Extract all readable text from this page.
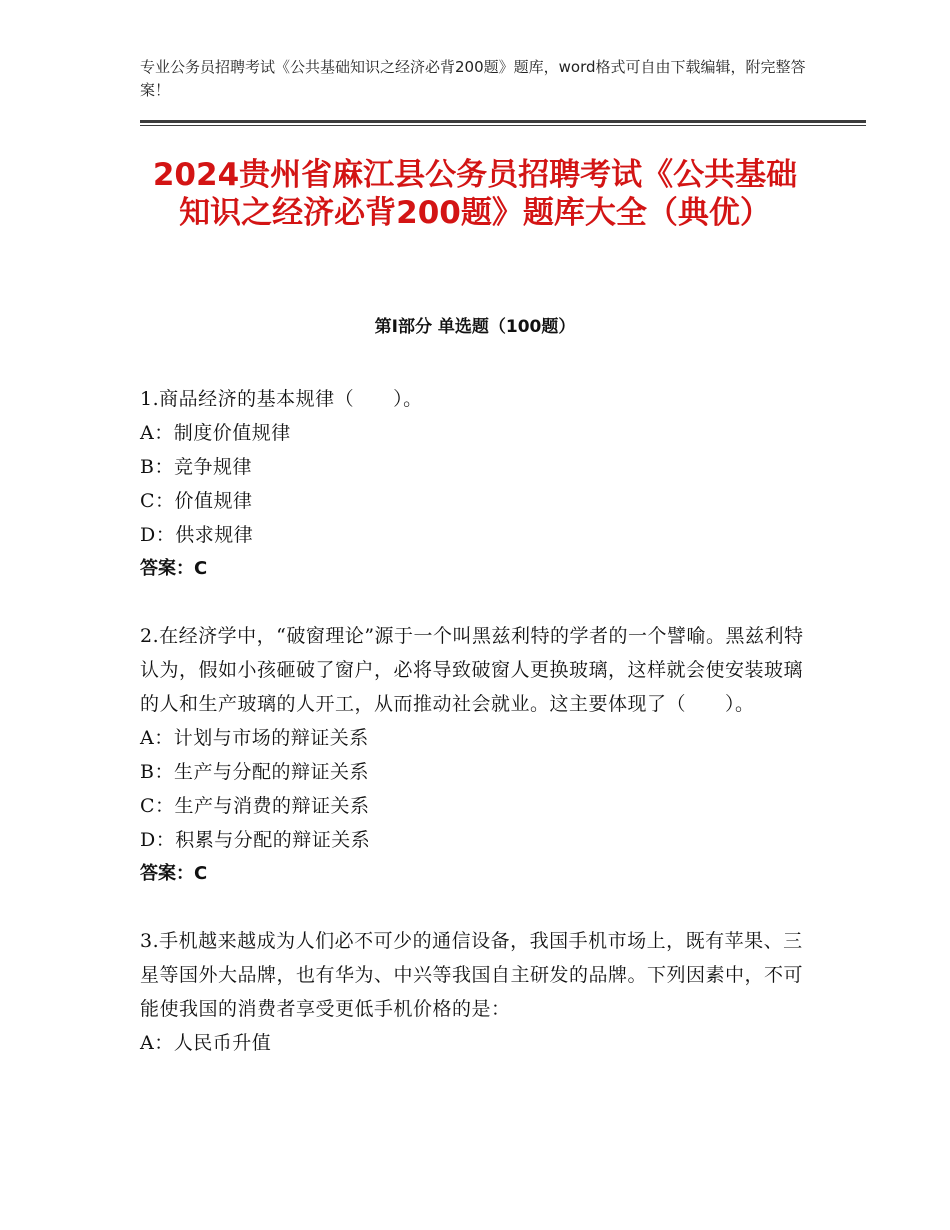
专业公务员招聘考试《公共基础知识之经济必背200题》题库，word格式可自由下载编辑，附完整答案！

2024贵州省麻江县公务员招聘考试《公共基础知识之经济必背200题》题库大全（典优）
第Ⅰ部分 单选题（100题）

1.商品经济的基本规律（　　）。

A：制度价值规律

B：竞争规律

C：价值规律

D：供求规律

答案：C

2.在经济学中，“破窗理论”源于一个叫黑兹利特的学者的一个譬喻。黑兹利特认为，假如小孩砸破了窗户，必将导致破窗人更换玻璃，这样就会使安装玻璃的人和生产玻璃的人开工，从而推动社会就业。这主要体现了（　　）。

A：计划与市场的辩证关系

B：生产与分配的辩证关系

C：生产与消费的辩证关系

D：积累与分配的辩证关系

答案：C

3.手机越来越成为人们必不可少的通信设备，我国手机市场上，既有苹果、三星等国外大品牌，也有华为、中兴等我国自主研发的品牌。下列因素中，不可能使我国的消费者享受更低手机价格的是：

A：人民币升值
